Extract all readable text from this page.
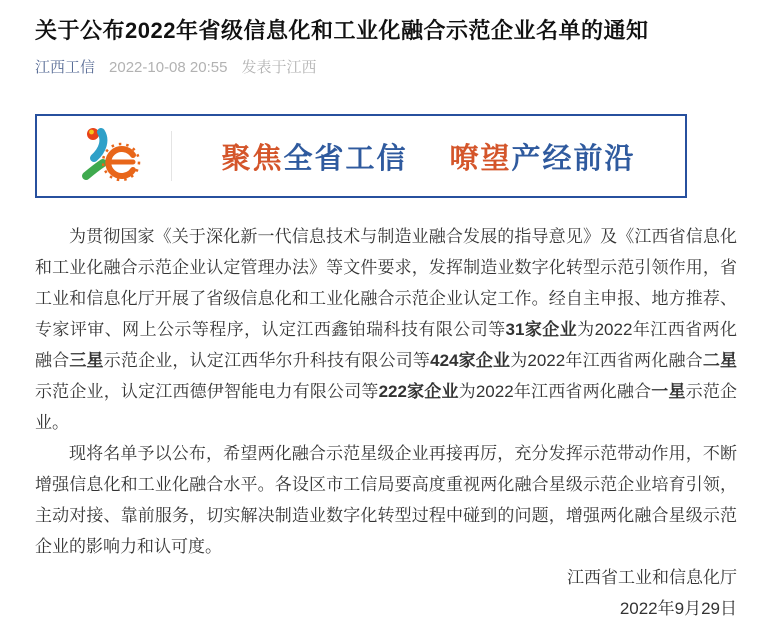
关于公布2022年省级信息化和工业化融合示范企业名单的通知
江西工信 2022-10-08 20:55 发表于江西
聚焦全省工信 嘹望产经前沿

为贯彻国家《关于深化新一代信息技术与制造业融合发展的指导意见》及《江西省信息化和工业化融合示范企业认定管理办法》等文件要求，发挥制造业数字化转型示范引领作用，省工业和信息化厅开展了省级信息化和工业化融合示范企业认定工作。经自主申报、地方推荐、专家评审、网上公示等程序，认定江西鑫铂瑞科技有限公司等31家企业为2022年江西省两化融合三星示范企业，认定江西华尔升科技有限公司等424家企业为2022年江西省两化融合二星示范企业，认定江西德伊智能电力有限公司等222家企业为2022年江西省两化融合一星示范企业。

现将名单予以公布，希望两化融合示范星级企业再接再厉，充分发挥示范带动作用，不断增强信息化和工业化融合水平。各设区市工信局要高度重视两化融合星级示范企业培育引领，主动对接、靠前服务，切实解决制造业数字化转型过程中碰到的问题，增强两化融合星级示范企业的影响力和认可度。

江西省工业和信息化厅
2022年9月29日
